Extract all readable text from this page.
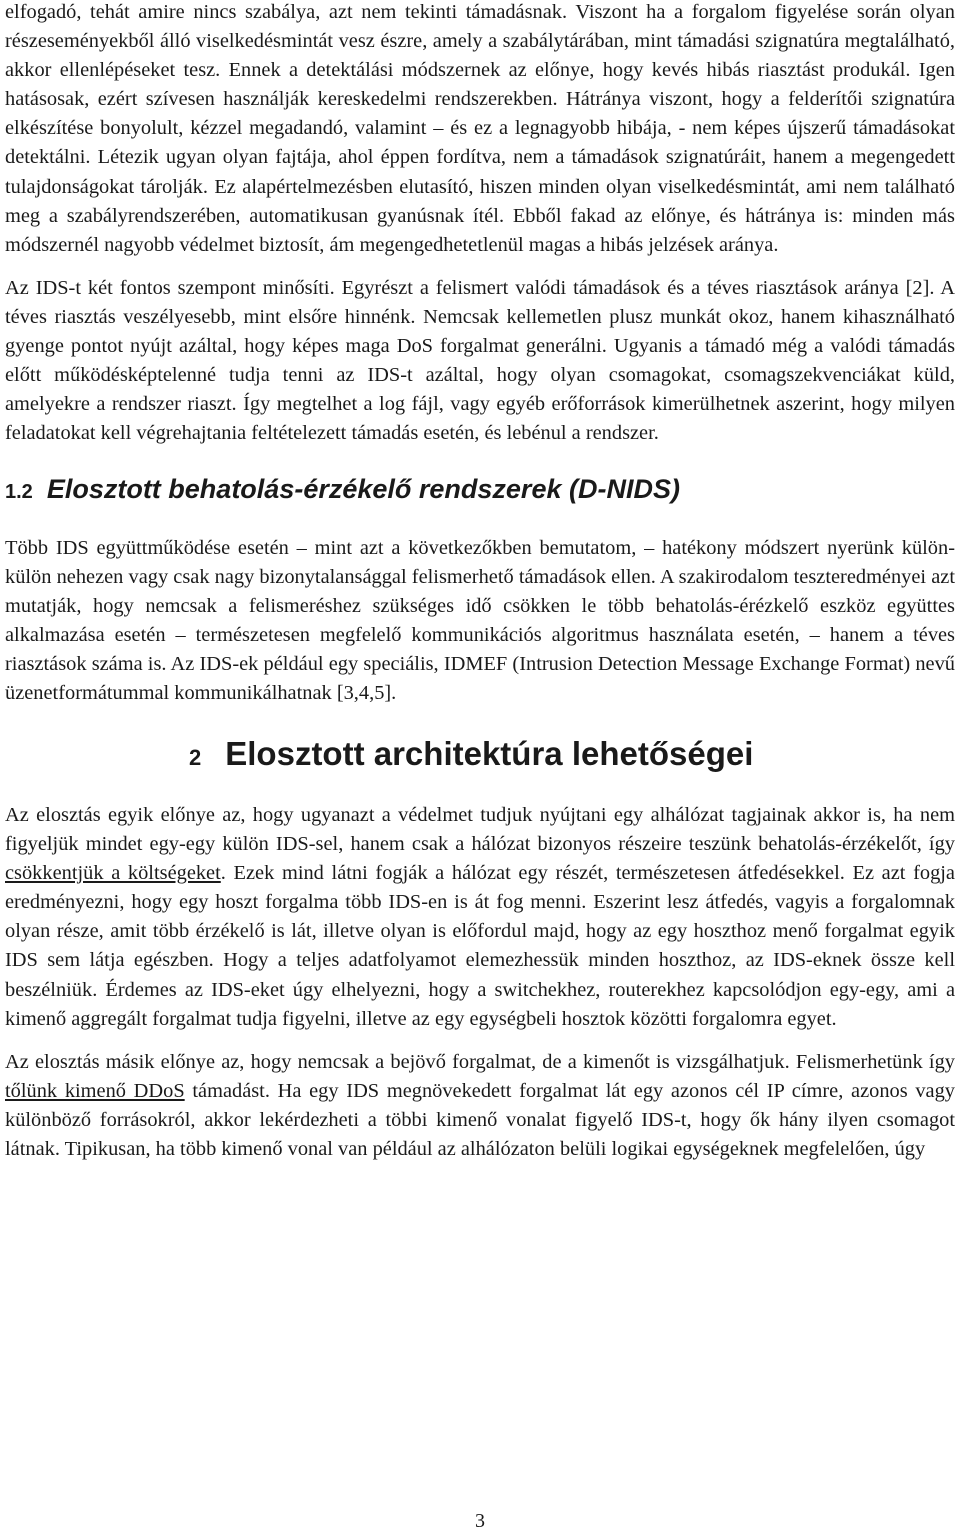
elfogadó, tehát amire nincs szabálya, azt nem tekinti támadásnak. Viszont ha a forgalom figyelése során olyan részeseményekből álló viselkedésmintát vesz észre, amely a szabálytárában, mint támadási szignatúra megtalálható, akkor ellenlépéseket tesz. Ennek a detektálási módszernek az előnye, hogy kevés hibás riasztást produkál. Igen hatásosak, ezért szívesen használják kereskedelmi rendszerekben. Hátránya viszont, hogy a felderítői szignatúra elkészítése bonyolult, kézzel megadandó, valamint – és ez a legnagyobb hibája, - nem képes újszerű támadásokat detektálni. Létezik ugyan olyan fajtája, ahol éppen fordítva, nem a támadások szignatúráit, hanem a megengedett tulajdonságokat tárolják. Ez alapértelmezésben elutasító, hiszen minden olyan viselkedésmintát, ami nem található meg a szabályrendszerében, automatikusan gyanúsnak ítél. Ebből fakad az előnye, és hátránya is: minden más módszernél nagyobb védelmet biztosít, ám megengedhetetlenül magas a hibás jelzések aránya.

1.2 Elosztott behatolás-érzékelő rendszerek (D-NIDS)

Több IDS együttműködése esetén – mint azt a következőkben bemutatom, – hatékony módszert nyerünk külön-külön nehezen vagy csak nagy bizonytalansággal felismerhető támadások ellen. A szakirodalom teszteredményei azt mutatják, hogy nemcsak a felismeréshez szükséges idő csökken le több behatolás-érézkelő eszköz együttes alkalmazása esetén – természetesen megfelelő kommunikációs algoritmus használata esetén, – hanem a téves riasztások száma is. Az IDS-ek például egy speciális, IDMEF (Intrusion Detection Message Exchange Format) nevű üzenetformátummal kommunikálhatnak [3,4,5].

2 Elosztott architektúra lehetőségei

Az elosztás egyik előnye az, hogy ugyanazt a védelmet tudjuk nyújtani egy alhálózat tagjainak akkor is, ha nem figyeljük mindet egy-egy külön IDS-sel, hanem csak a hálózat bizonyos részeire teszünk behatolás-érzékelőt, így csökkentjük a költségeket. Ezek mind látni fogják a hálózat egy részét, természetesen átfedésekkel. Ez azt fogja eredményezni, hogy egy hoszt forgalma több IDS-en is át fog menni. Eszerint lesz átfedés, vagyis a forgalomnak olyan része, amit több érzékelő is lát, illetve olyan is előfordul majd, hogy az egy hoszthoz menő forgalmat egyik IDS sem látja egészben. Hogy a teljes adatfolyamot elemezhessük minden hoszthoz, az IDS-eknek össze kell beszélniük. Érdemes az IDS-eket úgy elhelyezni, hogy a switchekhez, routerekhez kapcsolódjon egy-egy, ami a kimenő aggregált forgalmat tudja figyelni, illetve az egy egységbeli hosztok közötti forgalomra egyet.

Az elosztás másik előnye az, hogy nemcsak a bejövő forgalmat, de a kimenőt is vizsgálhatjuk. Felismerhetünk így tőlünk kimenő DDoS támadást. Ha egy IDS megnövekedett forgalmat lát egy azonos cél IP címre, azonos vagy különböző forrásokról, akkor lekérdezheti a többi kimenő vonalat figyelő IDS-t, hogy ők hány ilyen csomagot látnak. Tipikusan, ha több kimenő vonal van például az alhálózaton belüli logikai egységeknek megfelelően, úgy

3

Az IDS-t két fontos szempont minősíti. Egyrészt a felismert valódi támadások és a téves riasztások aránya [2]. A téves riasztás veszélyesebb, mint elsőre hinnénk. Nemcsak kellemetlen plusz munkát okoz, hanem kihasználható gyenge pontot nyújt azáltal, hogy képes maga DoS forgalmat generálni. Ugyanis a támadó még a valódi támadás előtt működésképtelenné tudja tenni az IDS-t azáltal, hogy olyan csomagokat, csomagszekvenciákat küld, amelyekre a rendszer riaszt. Így megtelhet a log fájl, vagy egyéb erőforrások kimerülhetnek aszerint, hogy milyen feladatokat kell végrehajtania feltételezett támadás esetén, és lebénul a rendszer.
